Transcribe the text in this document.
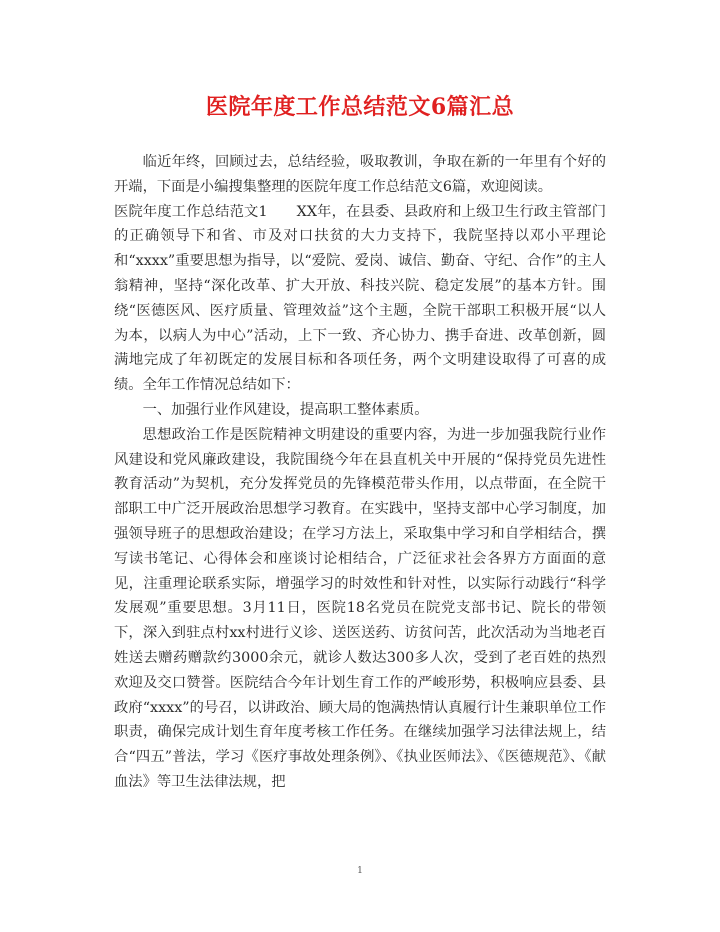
医院年度工作总结范文6篇汇总

临近年终，回顾过去，总结经验，吸取教训，争取在新的一年里有个好的开端，下面是小编搜集整理的医院年度工作总结范文6篇，欢迎阅读。

医院年度工作总结范文1　　XX年，在县委、县政府和上级卫生行政主管部门的正确领导下和省、市及对口扶贫的大力支持下，我院坚持以邓小平理论和“xxxx”重要思想为指导，以“爱院、爱岗、诚信、勤奋、守纪、合作”的主人翁精神，坚持“深化改革、扩大开放、科技兴院、稳定发展”的基本方针。围绕“医德医风、医疗质量、管理效益”这个主题，全院干部职工积极开展“以人为本，以病人为中心”活动，上下一致、齐心协力、携手奋进、改革创新，圆满地完成了年初既定的发展目标和各项任务，两个文明建设取得了可喜的成绩。全年工作情况总结如下：

一、加强行业作风建设，提高职工整体素质。

思想政治工作是医院精神文明建设的重要内容，为进一步加强我院行业作风建设和党风廉政建设，我院围绕今年在县直机关中开展的“保持党员先进性教育活动”为契机，充分发挥党员的先锋模范带头作用，以点带面，在全院干部职工中广泛开展政治思想学习教育。在实践中，坚持支部中心学习制度，加强领导班子的思想政治建设；在学习方法上，采取集中学习和自学相结合，撰写读书笔记、心得体会和座谈讨论相结合，广泛征求社会各界方方面面的意见，注重理论联系实际，增强学习的时效性和针对性，以实际行动践行“科学发展观”重要思想。3月11日，医院18名党员在院党支部书记、院长的带领下，深入到驻点村xx村进行义诊、送医送药、访贫问苦，此次活动为当地老百姓送去赠药赠款约3000余元，就诊人数达300多人次，受到了老百姓的热烈欢迎及交口赞誉。医院结合今年计划生育工作的严峻形势，积极响应县委、县政府“xxxx”的号召，以讲政治、顾大局的饱满热情认真履行计生兼职单位工作职责，确保完成计划生育年度考核工作任务。在继续加强学习法律法规上，结合“四五”普法，学习《医疗事故处理条例》、《执业医师法》、《医德规范》、《献血法》等卫生法律法规，把

1
